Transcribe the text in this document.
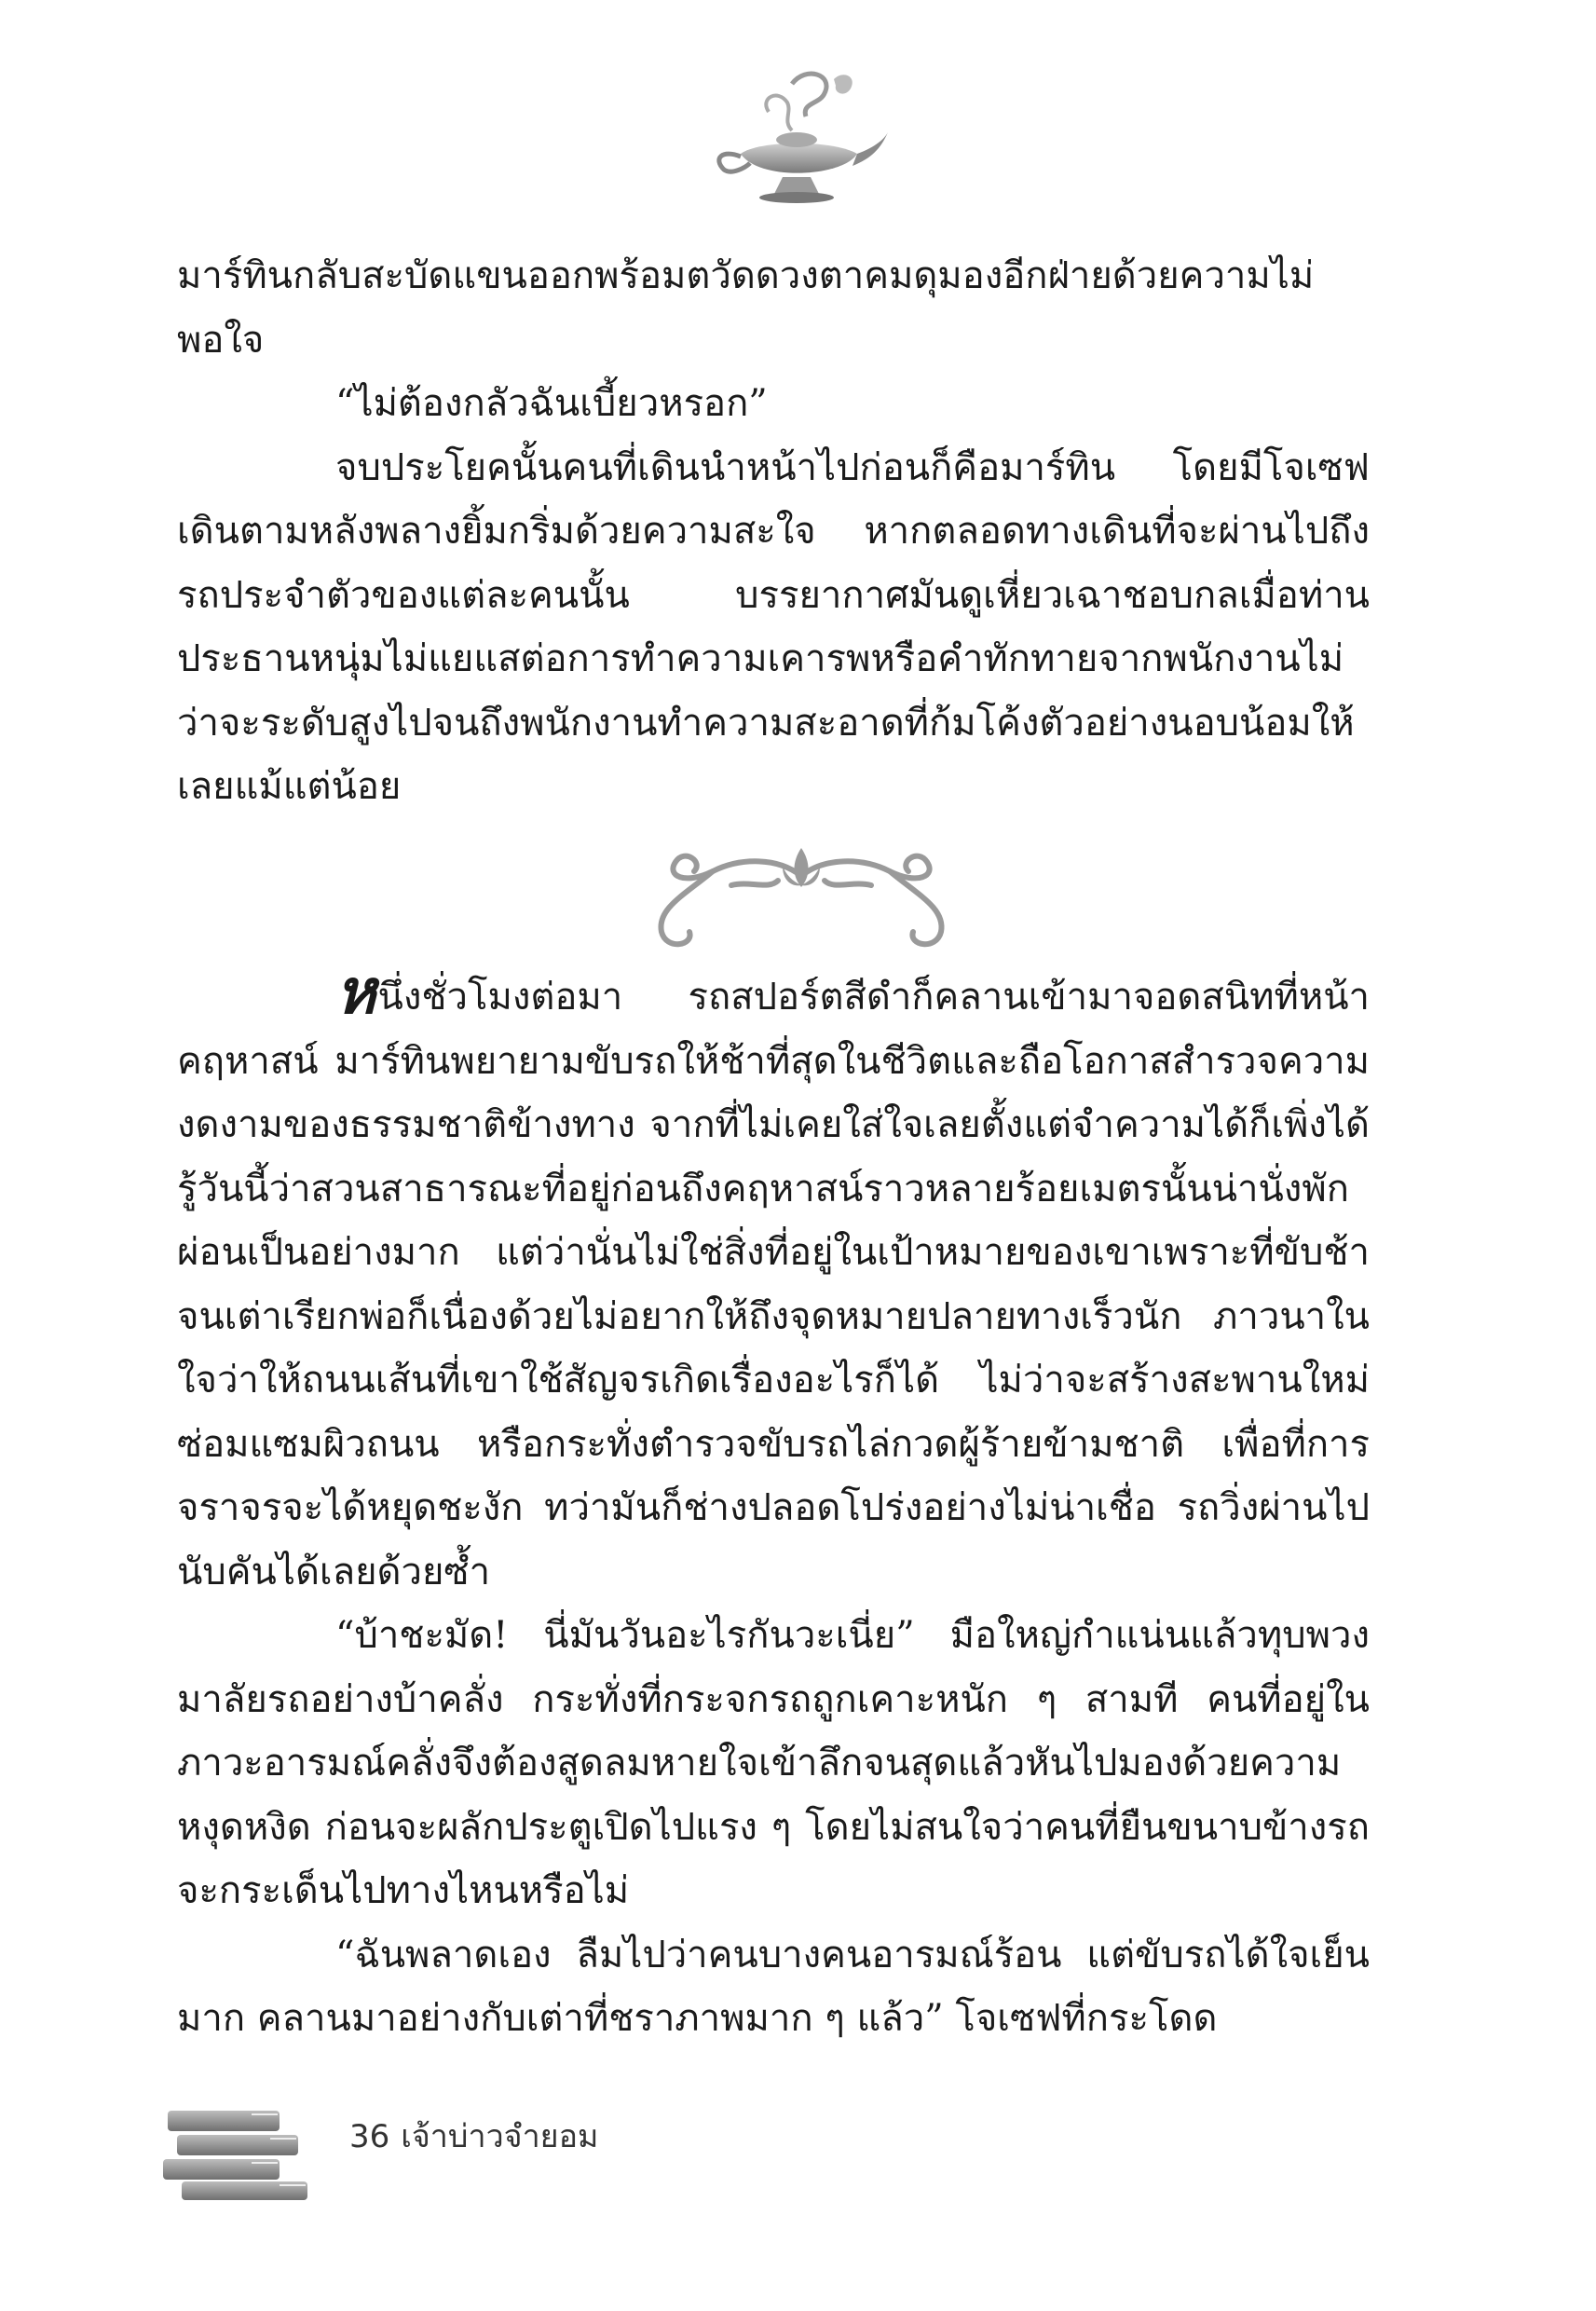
มาร์ทินกลับสะบัดแขนออกพร้อมตวัดดวงตาคมดุมองอีกฝ่ายด้วยความไม่พอใจ

“ไม่ต้องกลัวฉันเบี้ยวหรอก”

จบประโยคนั้นคนที่เดินนำหน้าไปก่อนก็คือมาร์ทิน โดยมีโจเซฟเดินตามหลังพลางยิ้มกริ่มด้วยความสะใจ หากตลอดทางเดินที่จะผ่านไปถึงรถประจำตัวของแต่ละคนนั้น บรรยากาศมันดูเหี่ยวเฉาชอบกลเมื่อท่านประธานหนุ่มไม่แยแสต่อการทำความเคารพหรือคำทักทายจากพนักงานไม่ว่าจะระดับสูงไปจนถึงพนักงานทำความสะอาดที่ก้มโค้งตัวอย่างนอบน้อมให้เลยแม้แต่น้อย

หนึ่งชั่วโมงต่อมา รถสปอร์ตสีดำก็คลานเข้ามาจอดสนิทที่หน้าคฤหาสน์ มาร์ทินพยายามขับรถให้ช้าที่สุดในชีวิตและถือโอกาสสำรวจความงดงามของธรรมชาติข้างทาง จากที่ไม่เคยใส่ใจเลยตั้งแต่จำความได้ก็เพิ่งได้รู้วันนี้ว่าสวนสาธารณะที่อยู่ก่อนถึงคฤหาสน์ราวหลายร้อยเมตรนั้นน่านั่งพักผ่อนเป็นอย่างมาก แต่ว่านั่นไม่ใช่สิ่งที่อยู่ในเป้าหมายของเขาเพราะที่ขับช้าจนเต่าเรียกพ่อก็เนื่องด้วยไม่อยากให้ถึงจุดหมายปลายทางเร็วนัก ภาวนาในใจว่าให้ถนนเส้นที่เขาใช้สัญจรเกิดเรื่องอะไรก็ได้ ไม่ว่าจะสร้างสะพานใหม่ ซ่อมแซมผิวถนน หรือกระทั่งตำรวจขับรถไล่กวดผู้ร้ายข้ามชาติ เพื่อที่การจราจรจะได้หยุดชะงัก ทว่ามันก็ช่างปลอดโปร่งอย่างไม่น่าเชื่อ รถวิ่งผ่านไปนับคันได้เลยด้วยซ้ำ

“บ้าชะมัด! นี่มันวันอะไรกันวะเนี่ย” มือใหญ่กำแน่นแล้วทุบพวงมาลัยรถอย่างบ้าคลั่ง กระทั่งที่กระจกรถถูกเคาะหนัก ๆ สามที คนที่อยู่ในภาวะอารมณ์คลั่งจึงต้องสูดลมหายใจเข้าลึกจนสุดแล้วหันไปมองด้วยความหงุดหงิด ก่อนจะผลักประตูเปิดไปแรง ๆ โดยไม่สนใจว่าคนที่ยืนขนาบข้างรถจะกระเด็นไปทางไหนหรือไม่

“ฉันพลาดเอง ลืมไปว่าคนบางคนอารมณ์ร้อน แต่ขับรถได้ใจเย็นมาก คลานมาอย่างกับเต่าที่ชราภาพมาก ๆ แล้ว” โจเซฟที่กระโดด

36 เจ้าบ่าวจำยอม
